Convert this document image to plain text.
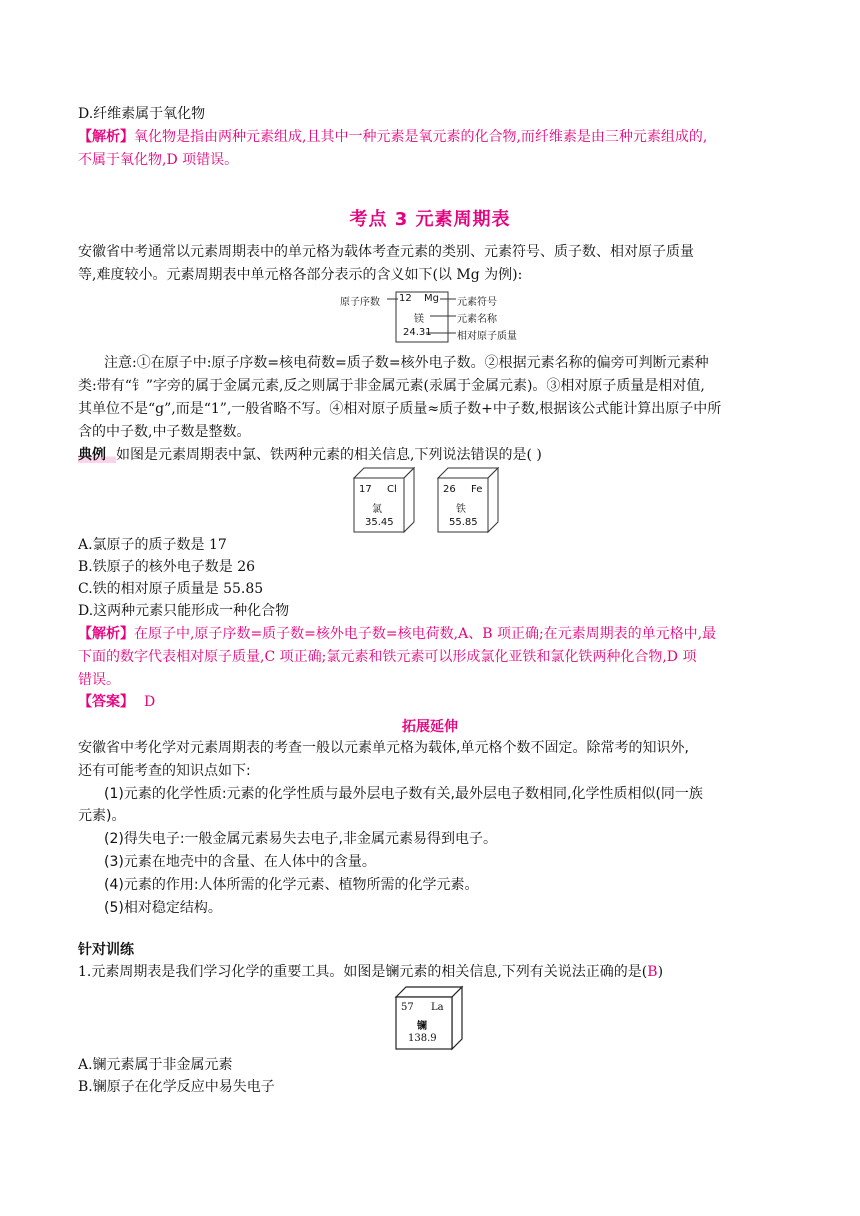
D.纤维素属于氧化物
【解析】氧化物是指由两种元素组成,且其中一种元素是氧元素的化合物,而纤维素是由三种元素组成的,
不属于氧化物,D 项错误。
考点 3 元素周期表
安徽省中考通常以元素周期表中的单元格为载体考查元素的类别、元素符号、质子数、相对原子质量
等,难度较小。元素周期表中单元格各部分表示的含义如下(以 Mg 为例):
原子序数 12 Mg 元素符号
镁	元素名称
24.31	相对原子质量
注意:①在原子中:原子序数=核电荷数=质子数=核外电子数。②根据元素名称的偏旁可判断元素种
类:带有“钅”字旁的属于金属元素,反之则属于非金属元素(汞属于金属元素)。③相对原子质量是相对值,
其单位不是“g”,而是“1”,一般省略不写。④相对原子质量≈质子数+中子数,根据该公式能计算出原子中所
含的中子数,中子数是整数。
典例 如图是元素周期表中氯、铁两种元素的相关信息,下列说法错误的是( )
17 Cl
氯
35.45
26 Fe
铁
55.85
A.氯原子的质子数是 17
B.铁原子的核外电子数是 26
C.铁的相对原子质量是 55.85
D.这两种元素只能形成一种化合物
【解析】在原子中,原子序数=质子数=核外电子数=核电荷数,A、B 项正确;在元素周期表的单元格中,最
下面的数字代表相对原子质量,C 项正确;氯元素和铁元素可以形成氯化亚铁和氯化铁两种化合物,D 项
错误。
【答案】 D
拓展延伸
安徽省中考化学对元素周期表的考查一般以元素单元格为载体,单元格个数不固定。除常考的知识外,
还有可能考查的知识点如下:
(1)元素的化学性质:元素的化学性质与最外层电子数有关,最外层电子数相同,化学性质相似(同一族
元素)。
(2)得失电子:一般金属元素易失去电子,非金属元素易得到电子。
(3)元素在地壳中的含量、在人体中的含量。
(4)元素的作用:人体所需的化学元素、植物所需的化学元素。
(5)相对稳定结构。
针对训练
1.元素周期表是我们学习化学的重要工具。如图是镧元素的相关信息,下列有关说法正确的是(B)
57 La
镧
138.9
A.镧元素属于非金属元素
B.镧原子在化学反应中易失电子
